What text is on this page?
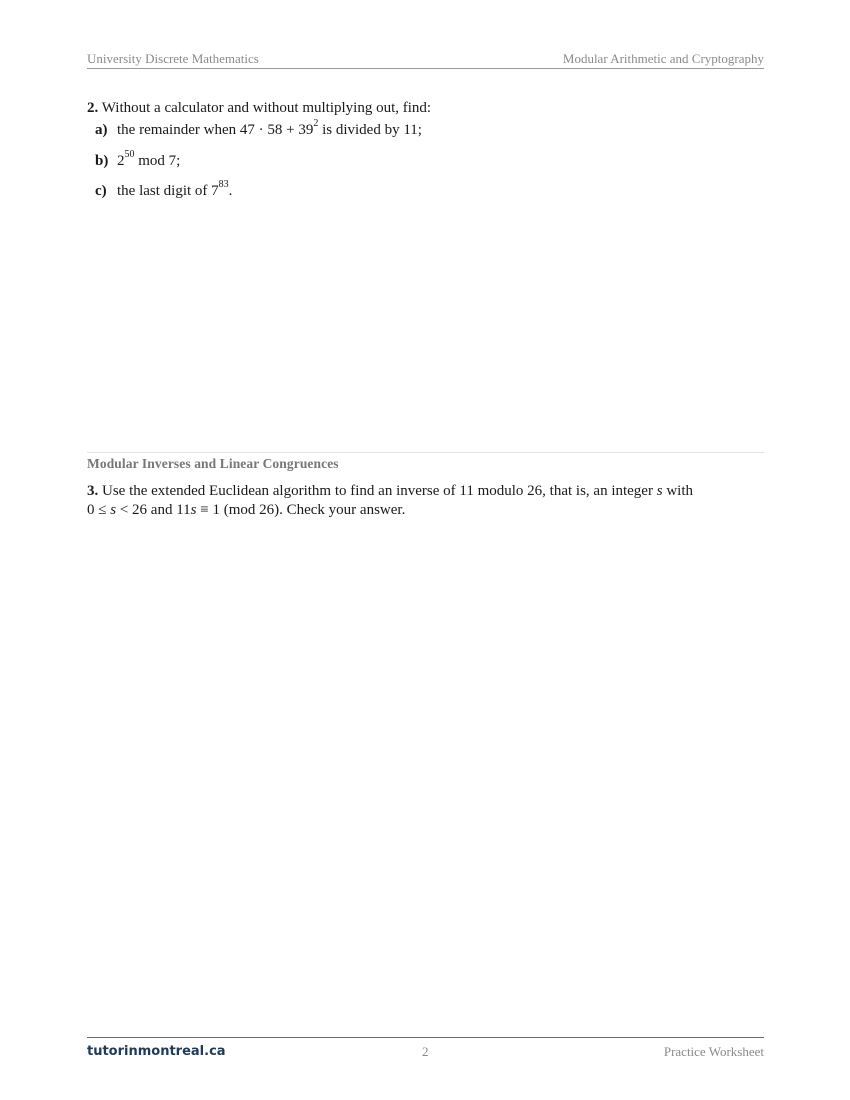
University Discrete Mathematics	Modular Arithmetic and Cryptography
2. Without a calculator and without multiplying out, find:
a) the remainder when $47 \cdot 58 + 39^2$ is divided by 11;
b) $2^{50}$ mod 7;
c) the last digit of $7^{83}$.
Modular Inverses and Linear Congruences
3. Use the extended Euclidean algorithm to find an inverse of 11 modulo 26, that is, an integer s with
0 ≤ s < 26 and 11s ≡ 1 (mod 26). Check your answer.
tutorinmontreal.ca	2	Practice Worksheet
